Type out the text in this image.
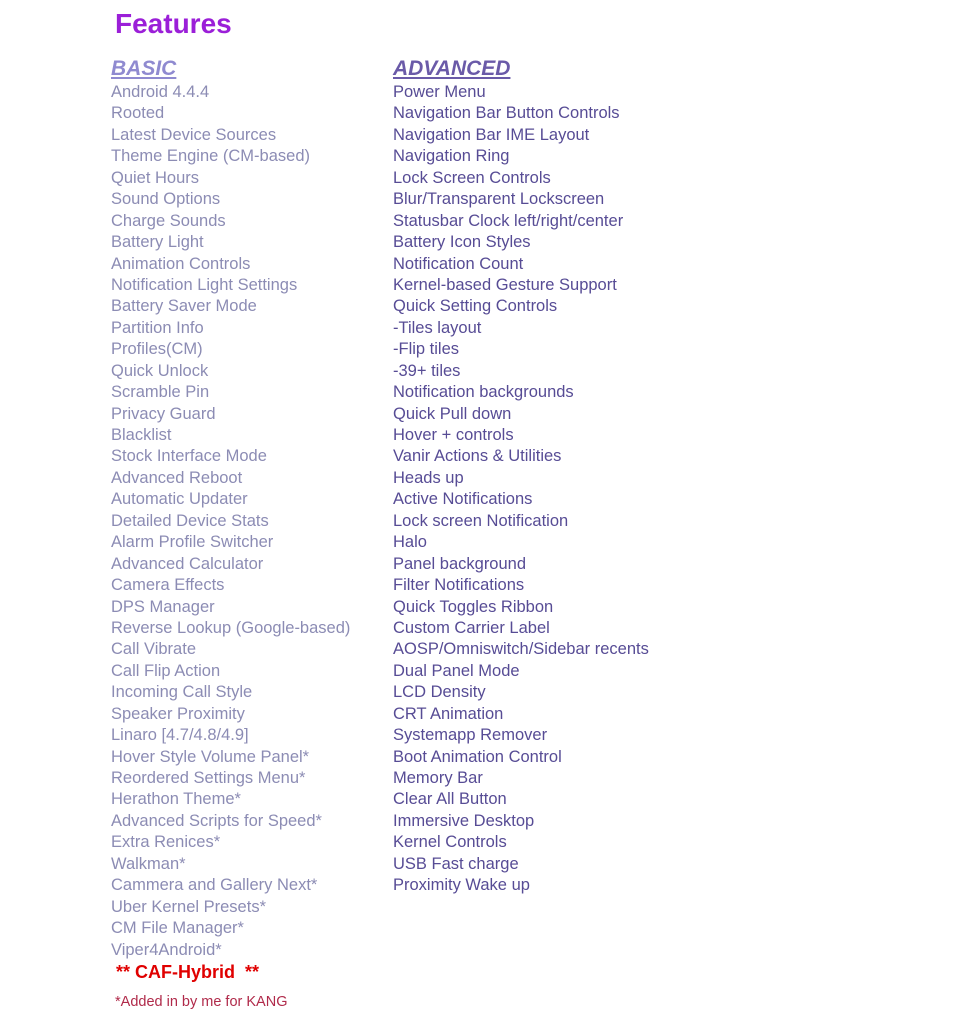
Features
BASIC
Android 4.4.4
Rooted
Latest Device Sources
Theme Engine (CM-based)
Quiet Hours
Sound Options
Charge Sounds
Battery Light
Animation Controls
Notification Light Settings
Battery Saver Mode
Partition Info
Profiles(CM)
Quick Unlock
Scramble Pin
Privacy Guard
Blacklist
Stock Interface Mode
Advanced Reboot
Automatic Updater
Detailed Device Stats
Alarm Profile Switcher
Advanced Calculator
Camera Effects
DPS Manager
Reverse Lookup (Google-based)
Call Vibrate
Call Flip Action
Incoming Call Style
Speaker Proximity
Linaro [4.7/4.8/4.9]
Hover Style Volume Panel*
Reordered Settings Menu*
Herathon Theme*
Advanced Scripts for Speed*
Extra Renices*
Walkman*
Cammera and Gallery Next*
Uber Kernel Presets*
CM File Manager*
Viper4Android*
ADVANCED
Power Menu
Navigation Bar Button Controls
Navigation Bar IME Layout
Navigation Ring
Lock Screen Controls
Blur/Transparent Lockscreen
Statusbar Clock left/right/center
Battery Icon Styles
Notification Count
Kernel-based Gesture Support
Quick Setting Controls
-Tiles layout
-Flip tiles
-39+ tiles
Notification backgrounds
Quick Pull down
Hover + controls
Vanir Actions & Utilities
Heads up
Active Notifications
Lock screen Notification
Halo
Panel background
Filter Notifications
Quick Toggles Ribbon
Custom Carrier Label
AOSP/Omniswitch/Sidebar recents
Dual Panel Mode
LCD Density
CRT Animation
Systemapp Remover
Boot Animation Control
Memory Bar
Clear All Button
Immersive Desktop
Kernel Controls
USB Fast charge
Proximity Wake up
** CAF-Hybrid  **
*Added in by me for KANG
